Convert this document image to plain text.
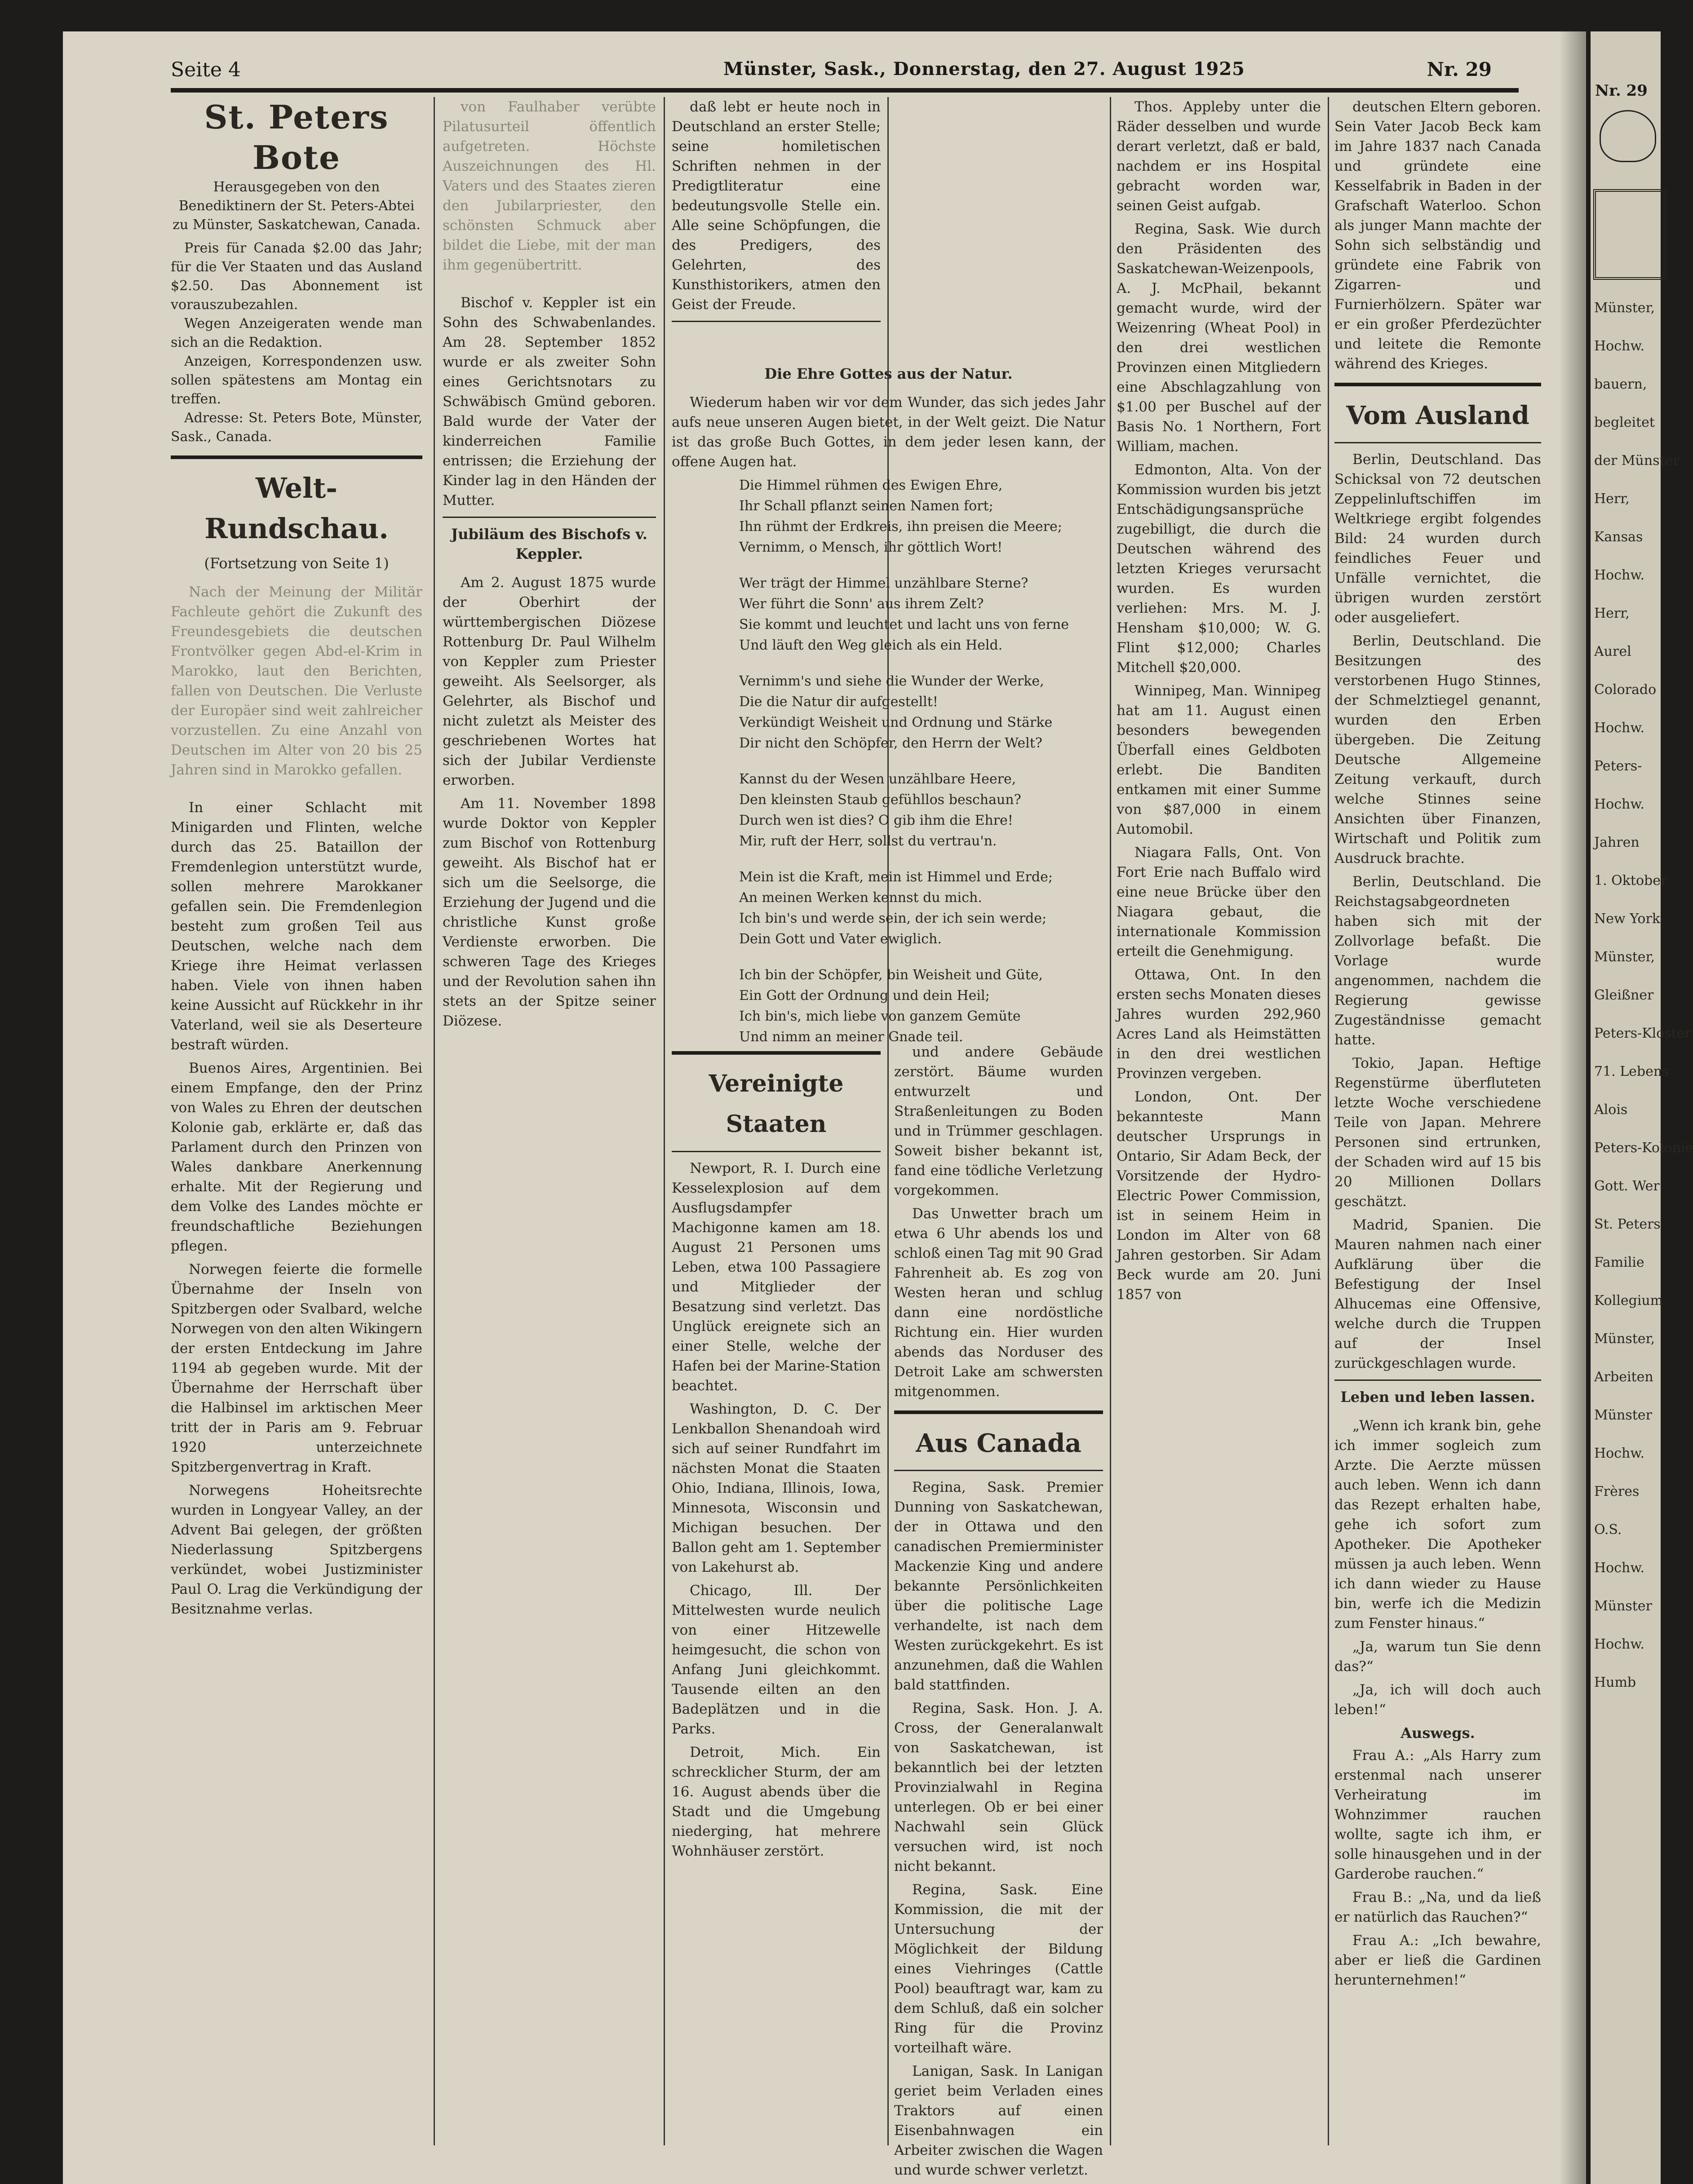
Seite 4	Münster, Sask., Donnerstag, den 27. August 1925	Nr. 29
St. Peters Bote
Herausgegeben von den Benediktinern der St. Peters-Abtei zu Münster, Saskatchewan, Canada.

Preis für Canada $2.00 das Jahr; für die Ver Staaten und das Ausland $2.50. Das Abonnement ist vorauszubezahlen.

Wegen Anzeigeraten wende man sich an die Redaktion.

Anzeigen, Korrespondenzen usw. sollen spätestens am Montag ein treffen.

Adresse: St. Peters Bote, Münster, Sask., Canada.

Welt-Rundschau.
(Fortsetzung von Seite 1)

Nach der Meinung der Militär Fachleute gehört die Zukunft des Freundesgebiets die deutschen Frontvölker gegen Abd-el-Krim in Marokko, laut den Berichten, fallen von Deutschen. Die Verluste der Europäer sind weit zahlreicher vorzustellen. Zu eine Anzahl von Deutschen im Alter von 20 bis 25 Jahren sind in Marokko gefallen.

In einer Schlacht mit Minigarden und Flinten, welche durch das 25. Bataillon der Fremdenlegion unterstützt wurde, sollen mehrere Marokkaner gefallen sein. Die Fremdenlegion besteht zum großen Teil aus Deutschen, welche nach dem Kriege ihre Heimat verlassen haben. Viele von ihnen haben keine Aussicht auf Rückkehr in ihr Vaterland, weil sie als Deserteure bestraft würden.

Buenos Aires, Argentinien. Bei einem Empfange, den der Prinz von Wales zu Ehren der deutschen Kolonie gab, erklärte er, daß das Parlament durch den Prinzen von Wales dankbare Anerkennung erhalte. Mit der Regierung und dem Volke des Landes möchte er freundschaftliche Beziehungen pflegen.

Norwegen feierte die formelle Übernahme der Inseln von Spitzbergen oder Svalbard, welche Norwegen von den alten Wikingern der ersten Entdeckung im Jahre 1194 ab gegeben wurde. Mit der Übernahme der Herrschaft über die Halbinsel im arktischen Meer tritt der in Paris am 9. Februar 1920 unterzeichnete Spitzbergenvertrag in Kraft.

Norwegens Hoheitsrechte wurden in Longyear Valley, an der Advent Bai gelegen, der größten Niederlassung Spitzbergens verkündet, wobei Justizminister Paul O. Lrag die Verkündigung der Besitznahme verlas.

von Faulhaber verübte Pilatusurteil öffentlich aufgetreten. Höchste Auszeichnungen des Hl. Vaters und des Staates zieren den Jubilarpriester, den schönsten Schmuck aber bildet die Liebe, mit der man ihm gegenübertritt.

Bischof v. Keppler ist ein Sohn des Schwabenlandes. Am 28. September 1852 wurde er als zweiter Sohn eines Gerichtsnotars zu Schwäbisch Gmünd geboren. Bald wurde der Vater der kinderreichen Familie entrissen; die Erziehung der Kinder lag in den Händen der Mutter.

Jubiläum des Bischofs v. Keppler.

Am 2. August 1875 wurde der Oberhirt der württembergischen Diözese Rottenburg Dr. Paul Wilhelm von Keppler zum Priester geweiht. Als Seelsorger, als Gelehrter, als Bischof und nicht zuletzt als Meister des geschriebenen Wortes hat sich der Jubilar Verdienste erworben.

Am 11. November 1898 wurde Doktor von Keppler zum Bischof von Rottenburg geweiht. Als Bischof hat er sich um die Seelsorge, die Erziehung der Jugend und die christliche Kunst große Verdienste erworben. Die schweren Tage des Krieges und der Revolution sahen ihn stets an der Spitze seiner Diözese.

daß lebt er heute noch in Deutschland an erster Stelle; seine homiletischen Schriften nehmen in der Predigtliteratur eine bedeutungsvolle Stelle ein. Alle seine Schöpfungen, die des Predigers, des Gelehrten, des Kunsthistorikers, atmen den Geist der Freude.

Die Ehre Gottes aus der Natur.

Wiederum haben wir vor dem Wunder, das sich jedes Jahr aufs neue unseren Augen bietet, in der Welt geizt. Die Natur ist das große Buch Gottes, in dem jeder lesen kann, der offene Augen hat.

Die Himmel rühmen des Ewigen Ehre,
Ihr Schall pflanzt seinen Namen fort;
Ihn rühmt der Erdkreis, ihn preisen die Meere;
Vernimm, o Mensch, ihr göttlich Wort!
Wer trägt der Himmel unzählbare Sterne?
Wer führt die Sonn' aus ihrem Zelt?
Sie kommt und leuchtet und lacht uns von ferne
Und läuft den Weg gleich als ein Held.
Vernimm's und siehe die Wunder der Werke,
Die die Natur dir aufgestellt!
Verkündigt Weisheit und Ordnung und Stärke
Dir nicht den Schöpfer, den Herrn der Welt?
Kannst du der Wesen unzählbare Heere,
Den kleinsten Staub gefühllos beschaun?
Durch wen ist dies? O gib ihm die Ehre!
Mir, ruft der Herr, sollst du vertrau'n.
Mein ist die Kraft, mein ist Himmel und Erde;
An meinen Werken kennst du mich.
Ich bin's und werde sein, der ich sein werde;
Dein Gott und Vater ewiglich.
Ich bin der Schöpfer, bin Weisheit und Güte,
Ein Gott der Ordnung und dein Heil;
Ich bin's, mich liebe von ganzem Gemüte
Und nimm an meiner Gnade teil.
Vereinigte Staaten

Newport, R. I. Durch eine Kesselexplosion auf dem Ausflugsdampfer Machigonne kamen am 18. August 21 Personen ums Leben, etwa 100 Passagiere und Mitglieder der Besatzung sind verletzt. Das Unglück ereignete sich an einer Stelle, welche der Hafen bei der Marine-Station beachtet.

Washington, D. C. Der Lenkballon Shenandoah wird sich auf seiner Rundfahrt im nächsten Monat die Staaten Ohio, Indiana, Illinois, Iowa, Minnesota, Wisconsin und Michigan besuchen. Der Ballon geht am 1. September von Lakehurst ab.

Chicago, Ill. Der Mittelwesten wurde neulich von einer Hitzewelle heimgesucht, die schon von Anfang Juni gleichkommt. Tausende eilten an den Badeplätzen und in die Parks.

Detroit, Mich. Ein schrecklicher Sturm, der am 16. August abends über die Stadt und die Umgebung niederging, hat mehrere Wohnhäuser zerstört.

und andere Gebäude zerstört. Bäume wurden entwurzelt und Straßenleitungen zu Boden und in Trümmer geschlagen. Soweit bisher bekannt ist, fand eine tödliche Verletzung vorgekommen.

Das Unwetter brach um etwa 6 Uhr abends los und schloß einen Tag mit 90 Grad Fahrenheit ab. Es zog von Westen heran und schlug dann eine nordöstliche Richtung ein. Hier wurden abends das Norduser des Detroit Lake am schwersten mitgenommen.

Aus Canada

Regina, Sask. Premier Dunning von Saskatchewan, der in Ottawa und den canadischen Premierminister Mackenzie King und andere bekannte Persönlichkeiten über die politische Lage verhandelte, ist nach dem Westen zurückgekehrt. Es ist anzunehmen, daß die Wahlen bald stattfinden.

Regina, Sask. Hon. J. A. Cross, der Generalanwalt von Saskatchewan, ist bekanntlich bei der letzten Provinzialwahl in Regina unterlegen. Ob er bei einer Nachwahl sein Glück versuchen wird, ist noch nicht bekannt.

Regina, Sask. Eine Kommission, die mit der Untersuchung der Möglichkeit der Bildung eines Viehringes (Cattle Pool) beauftragt war, kam zu dem Schluß, daß ein solcher Ring für die Provinz vorteilhaft wäre.

Lanigan, Sask. In Lanigan geriet beim Verladen eines Traktors auf einen Eisenbahnwagen ein Arbeiter zwischen die Wagen und wurde schwer verletzt.

Thos. Appleby unter die Räder desselben und wurde derart verletzt, daß er bald, nachdem er ins Hospital gebracht worden war, seinen Geist aufgab.

Regina, Sask. Wie durch den Präsidenten des Saskatchewan-Weizenpools, A. J. McPhail, bekannt gemacht wurde, wird der Weizenring (Wheat Pool) in den drei westlichen Provinzen einen Mitgliedern eine Abschlagzahlung von $1.00 per Buschel auf der Basis No. 1 Northern, Fort William, machen.

Edmonton, Alta. Von der Kommission wurden bis jetzt Entschädigungsansprüche zugebilligt, die durch die Deutschen während des letzten Krieges verursacht wurden. Es wurden verliehen: Mrs. M. J. Hensham $10,000; W. G. Flint $12,000; Charles Mitchell $20,000.

Winnipeg, Man. Winnipeg hat am 11. August einen besonders bewegenden Überfall eines Geldboten erlebt. Die Banditen entkamen mit einer Summe von $87,000 in einem Automobil.

Niagara Falls, Ont. Von Fort Erie nach Buffalo wird eine neue Brücke über den Niagara gebaut, die internationale Kommission erteilt die Genehmigung.

Ottawa, Ont. In den ersten sechs Monaten dieses Jahres wurden 292,960 Acres Land als Heimstätten in den drei westlichen Provinzen vergeben.

London, Ont. Der bekannteste Mann deutscher Ursprungs in Ontario, Sir Adam Beck, der Vorsitzende der Hydro-Electric Power Commission, ist in seinem Heim in London im Alter von 68 Jahren gestorben. Sir Adam Beck wurde am 20. Juni 1857 von

deutschen Eltern geboren. Sein Vater Jacob Beck kam im Jahre 1837 nach Canada und gründete eine Kesselfabrik in Baden in der Grafschaft Waterloo. Schon als junger Mann machte der Sohn sich selbständig und gründete eine Fabrik von Zigarren- und Furnierhölzern. Später war er ein großer Pferdezüchter und leitete die Remonte während des Krieges.

Vom Ausland

Berlin, Deutschland. Das Schicksal von 72 deutschen Zeppelinluftschiffen im Weltkriege ergibt folgendes Bild: 24 wurden durch feindliches Feuer und Unfälle vernichtet, die übrigen wurden zerstört oder ausgeliefert.

Berlin, Deutschland. Die Besitzungen des verstorbenen Hugo Stinnes, der Schmelztiegel genannt, wurden den Erben übergeben. Die Zeitung Deutsche Allgemeine Zeitung verkauft, durch welche Stinnes seine Ansichten über Finanzen, Wirtschaft und Politik zum Ausdruck brachte.

Berlin, Deutschland. Die Reichstagsabgeordneten haben sich mit der Zollvorlage befaßt. Die Vorlage wurde angenommen, nachdem die Regierung gewisse Zugeständnisse gemacht hatte.

Tokio, Japan. Heftige Regenstürme überfluteten letzte Woche verschiedene Teile von Japan. Mehrere Personen sind ertrunken, der Schaden wird auf 15 bis 20 Millionen Dollars geschätzt.

Madrid, Spanien. Die Mauren nahmen nach einer Aufklärung über die Befestigung der Insel Alhucemas eine Offensive, welche durch die Truppen auf der Insel zurückgeschlagen wurde.

Leben und leben lassen.

„Wenn ich krank bin, gehe ich immer sogleich zum Arzte. Die Aerzte müssen auch leben. Wenn ich dann das Rezept erhalten habe, gehe ich sofort zum Apotheker. Die Apotheker müssen ja auch leben. Wenn ich dann wieder zu Hause bin, werfe ich die Medizin zum Fenster hinaus.“

„Ja, warum tun Sie denn das?“

„Ja, ich will doch auch leben!“

Auswegs.

Frau A.: „Als Harry zum erstenmal nach unserer Verheiratung im Wohnzimmer rauchen wollte, sagte ich ihm, er solle hinausgehen und in der Garderobe rauchen.“

Frau B.: „Na, und da ließ er natürlich das Rauchen?“

Frau A.: „Ich bewahre, aber er ließ die Gardinen herunternehmen!“

Nr. 29
Münster,
Hochw.
bauern,
begleitet
der Münster
Herr,
Kansas
Hochw.
Herr,
Aurel
Colorado
Hochw.
Peters-
Hochw.
Jahren
1. Oktober
New York
Münster,
Gleißner
Peters-Kloster
71. Lebens
Alois
Peters-Kolonie
Gott. Wer
St. Peters
Familie
Kollegium
Münster,
Arbeiten
Münster
Hochw.
Frères
O.S.
Hochw.
Münster
Hochw.
Humb
